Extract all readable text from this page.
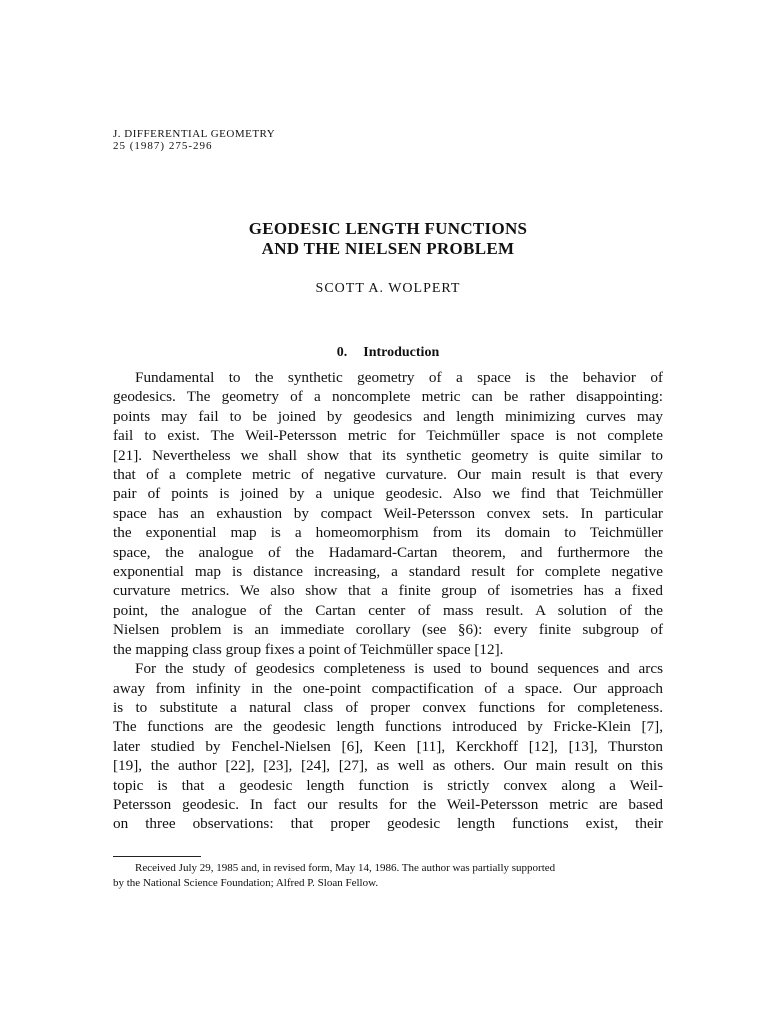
J. DIFFERENTIAL GEOMETRY
25 (1987) 275-296
GEODESIC LENGTH FUNCTIONS
AND THE NIELSEN PROBLEM
SCOTT A. WOLPERT
0. Introduction
Fundamental to the synthetic geometry of a space is the behavior of
geodesics. The geometry of a noncomplete metric can be rather disappointing:
points may fail to be joined by geodesics and length minimizing curves may
fail to exist. The Weil-Petersson metric for Teichmüller space is not complete
[21]. Nevertheless we shall show that its synthetic geometry is quite similar to
that of a complete metric of negative curvature. Our main result is that every
pair of points is joined by a unique geodesic. Also we find that Teichmüller
space has an exhaustion by compact Weil-Petersson convex sets. In particular
the exponential map is a homeomorphism from its domain to Teichmüller
space, the analogue of the Hadamard-Cartan theorem, and furthermore the
exponential map is distance increasing, a standard result for complete negative
curvature metrics. We also show that a finite group of isometries has a fixed
point, the analogue of the Cartan center of mass result. A solution of the
Nielsen problem is an immediate corollary (see §6): every finite subgroup of
the mapping class group fixes a point of Teichmüller space [12].
For the study of geodesics completeness is used to bound sequences and arcs
away from infinity in the one-point compactification of a space. Our approach
is to substitute a natural class of proper convex functions for completeness.
The functions are the geodesic length functions introduced by Fricke-Klein [7],
later studied by Fenchel-Nielsen [6], Keen [11], Kerckhoff [12], [13], Thurston
[19], the author [22], [23], [24], [27], as well as others. Our main result on this
topic is that a geodesic length function is strictly convex along a Weil-
Petersson geodesic. In fact our results for the Weil-Petersson metric are based
on three observations: that proper geodesic length functions exist, their
Received July 29, 1985 and, in revised form, May 14, 1986. The author was partially supported
by the National Science Foundation; Alfred P. Sloan Fellow.
